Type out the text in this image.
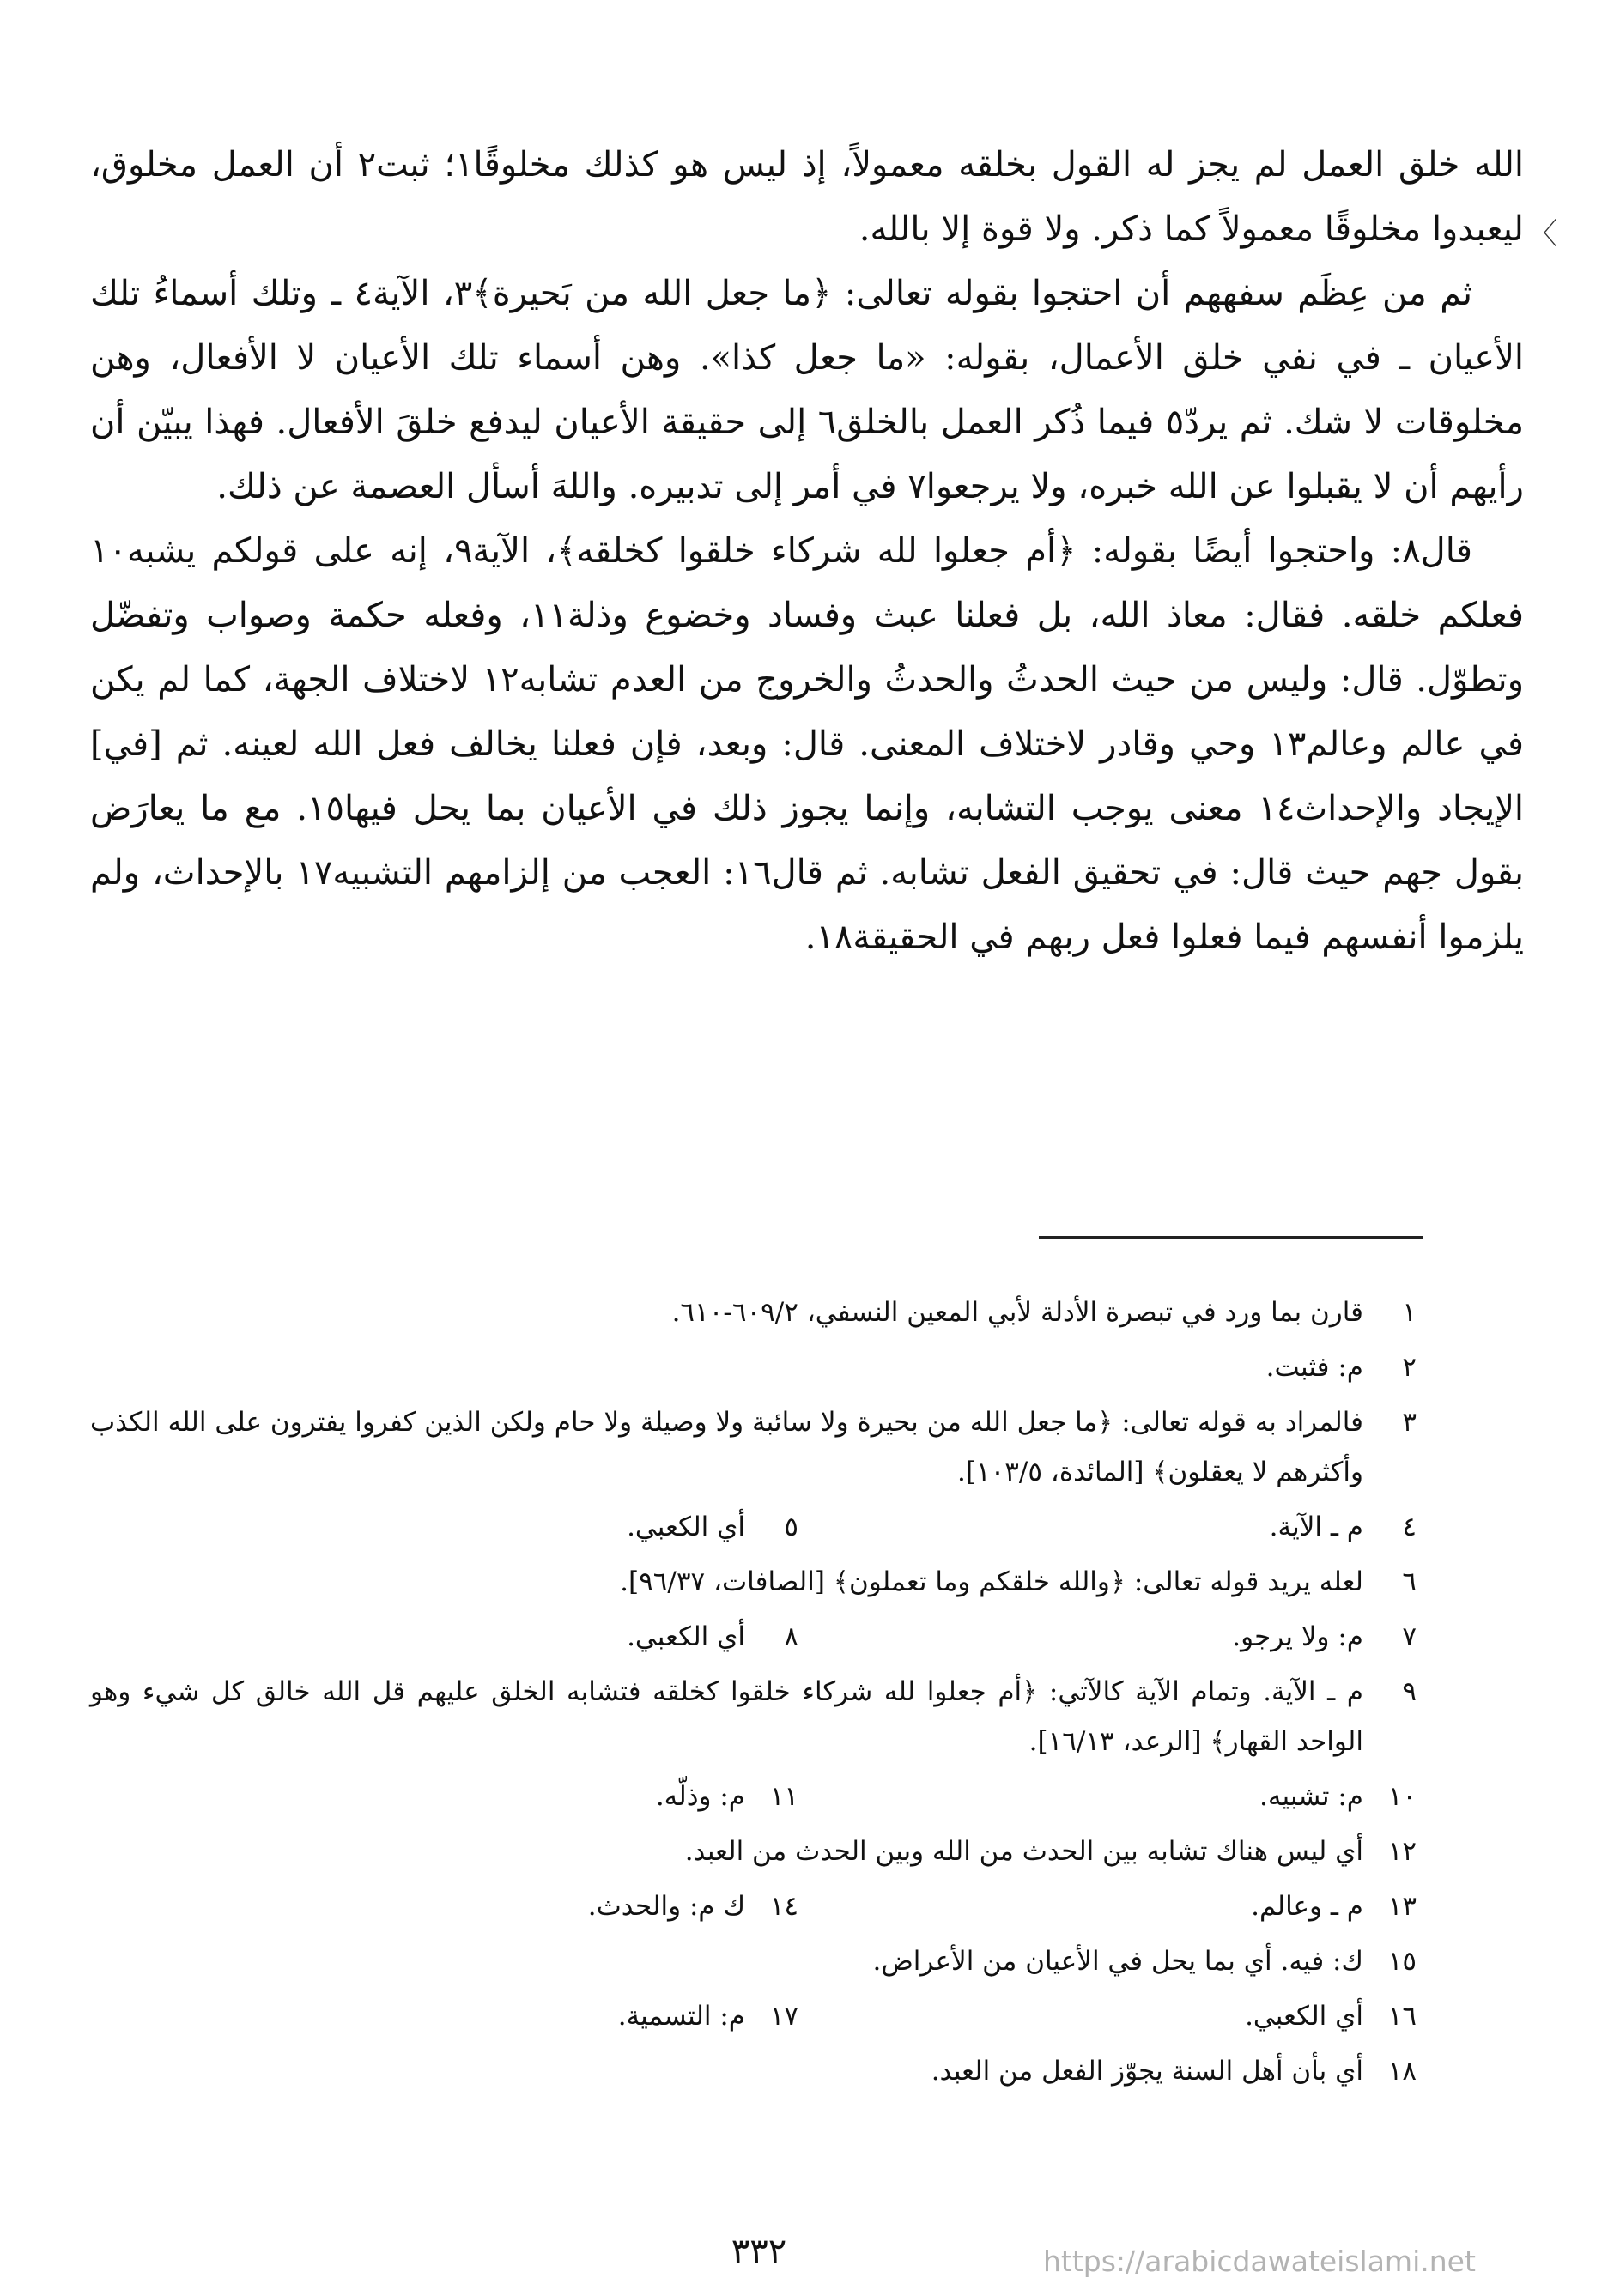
الله خلق العمل لم يجز له القول بخلقه معمولاً، إذ ليس هو كذلك مخلوقًا١؛ ثبت٢ أن العمل مخلوق، ليعبدوا مخلوقًا معمولاً كما ذكر. ولا قوة إلا بالله.

ثم من عِظَم سفههم أن احتجوا بقوله تعالى: ﴿ما جعل الله من بَحيرة﴾٣، الآية٤ ـ وتلك أسماءُ تلك الأعيان ـ في نفي خلق الأعمال، بقوله: «ما جعل كذا». وهن أسماء تلك الأعيان لا الأفعال، وهن مخلوقات لا شك. ثم يردّ٥ فيما ذُكر العمل بالخلق٦ إلى حقيقة الأعيان ليدفع خلقَ الأفعال. فهذا يبيّن أن رأيهم أن لا يقبلوا عن الله خبره، ولا يرجعوا٧ في أمر إلى تدبيره. واللهَ أسأل العصمة عن ذلك.

قال٨: واحتجوا أيضًا بقوله: ﴿أم جعلوا لله شركاء خلقوا كخلقه﴾، الآية٩، إنه على قولكم يشبه١٠ فعلكم خلقه. فقال: معاذ الله، بل فعلنا عبث وفساد وخضوع وذلة١١، وفعله حكمة وصواب وتفضّل وتطوّل. قال: وليس من حيث الحدثُ والحدثُ والخروج من العدم تشابه١٢ لاختلاف الجهة، كما لم يكن في عالم وعالم١٣ وحي وقادر لاختلاف المعنى. قال: وبعد، فإن فعلنا يخالف فعل الله لعينه. ثم [في] الإيجاد والإحداث١٤ معنى يوجب التشابه، وإنما يجوز ذلك في الأعيان بما يحل فيها١٥. مع ما يعارَض بقول جهم حيث قال: في تحقيق الفعل تشابه. ثم قال١٦: العجب من إلزامهم التشبيه١٧ بالإحداث، ولم يلزموا أنفسهم فيما فعلوا فعل ربهم في الحقيقة١٨.

〈
١
قارن بما ورد في تبصرة الأدلة لأبي المعين النسفي، ٦٠٩/٢-٦١٠.
٢
م: فثبت.
٣
فالمراد به قوله تعالى: ﴿ما جعل الله من بحيرة ولا سائبة ولا وصيلة ولا حام ولكن الذين كفروا يفترون على الله الكذب وأكثرهم لا يعقلون﴾ [المائدة، ١٠٣/٥].
٤
م ـ الآية.
٥
أي الكعبي.
٦
لعله يريد قوله تعالى: ﴿والله خلقكم وما تعملون﴾ [الصافات، ٩٦/٣٧].
٧
م: ولا يرجو.
٨
أي الكعبي.
٩
م ـ الآية. وتمام الآية كالآتي: ﴿أم جعلوا لله شركاء خلقوا كخلقه فتشابه الخلق عليهم قل الله خالق كل شيء وهو الواحد القهار﴾ [الرعد، ١٦/١٣].
١٠
م: تشبيه.
١١
م: وذلّه.
١٢
أي ليس هناك تشابه بين الحدث من الله وبين الحدث من العبد.
١٣
م ـ وعالم.
١٤
ك م: والحدث.
١٥
ك: فيه. أي بما يحل في الأعيان من الأعراض.
١٦
أي الكعبي.
١٧
م: التسمية.
١٨
أي بأن أهل السنة يجوّز الفعل من العبد.
٣٣٢	https://arabicdawateislami.net
